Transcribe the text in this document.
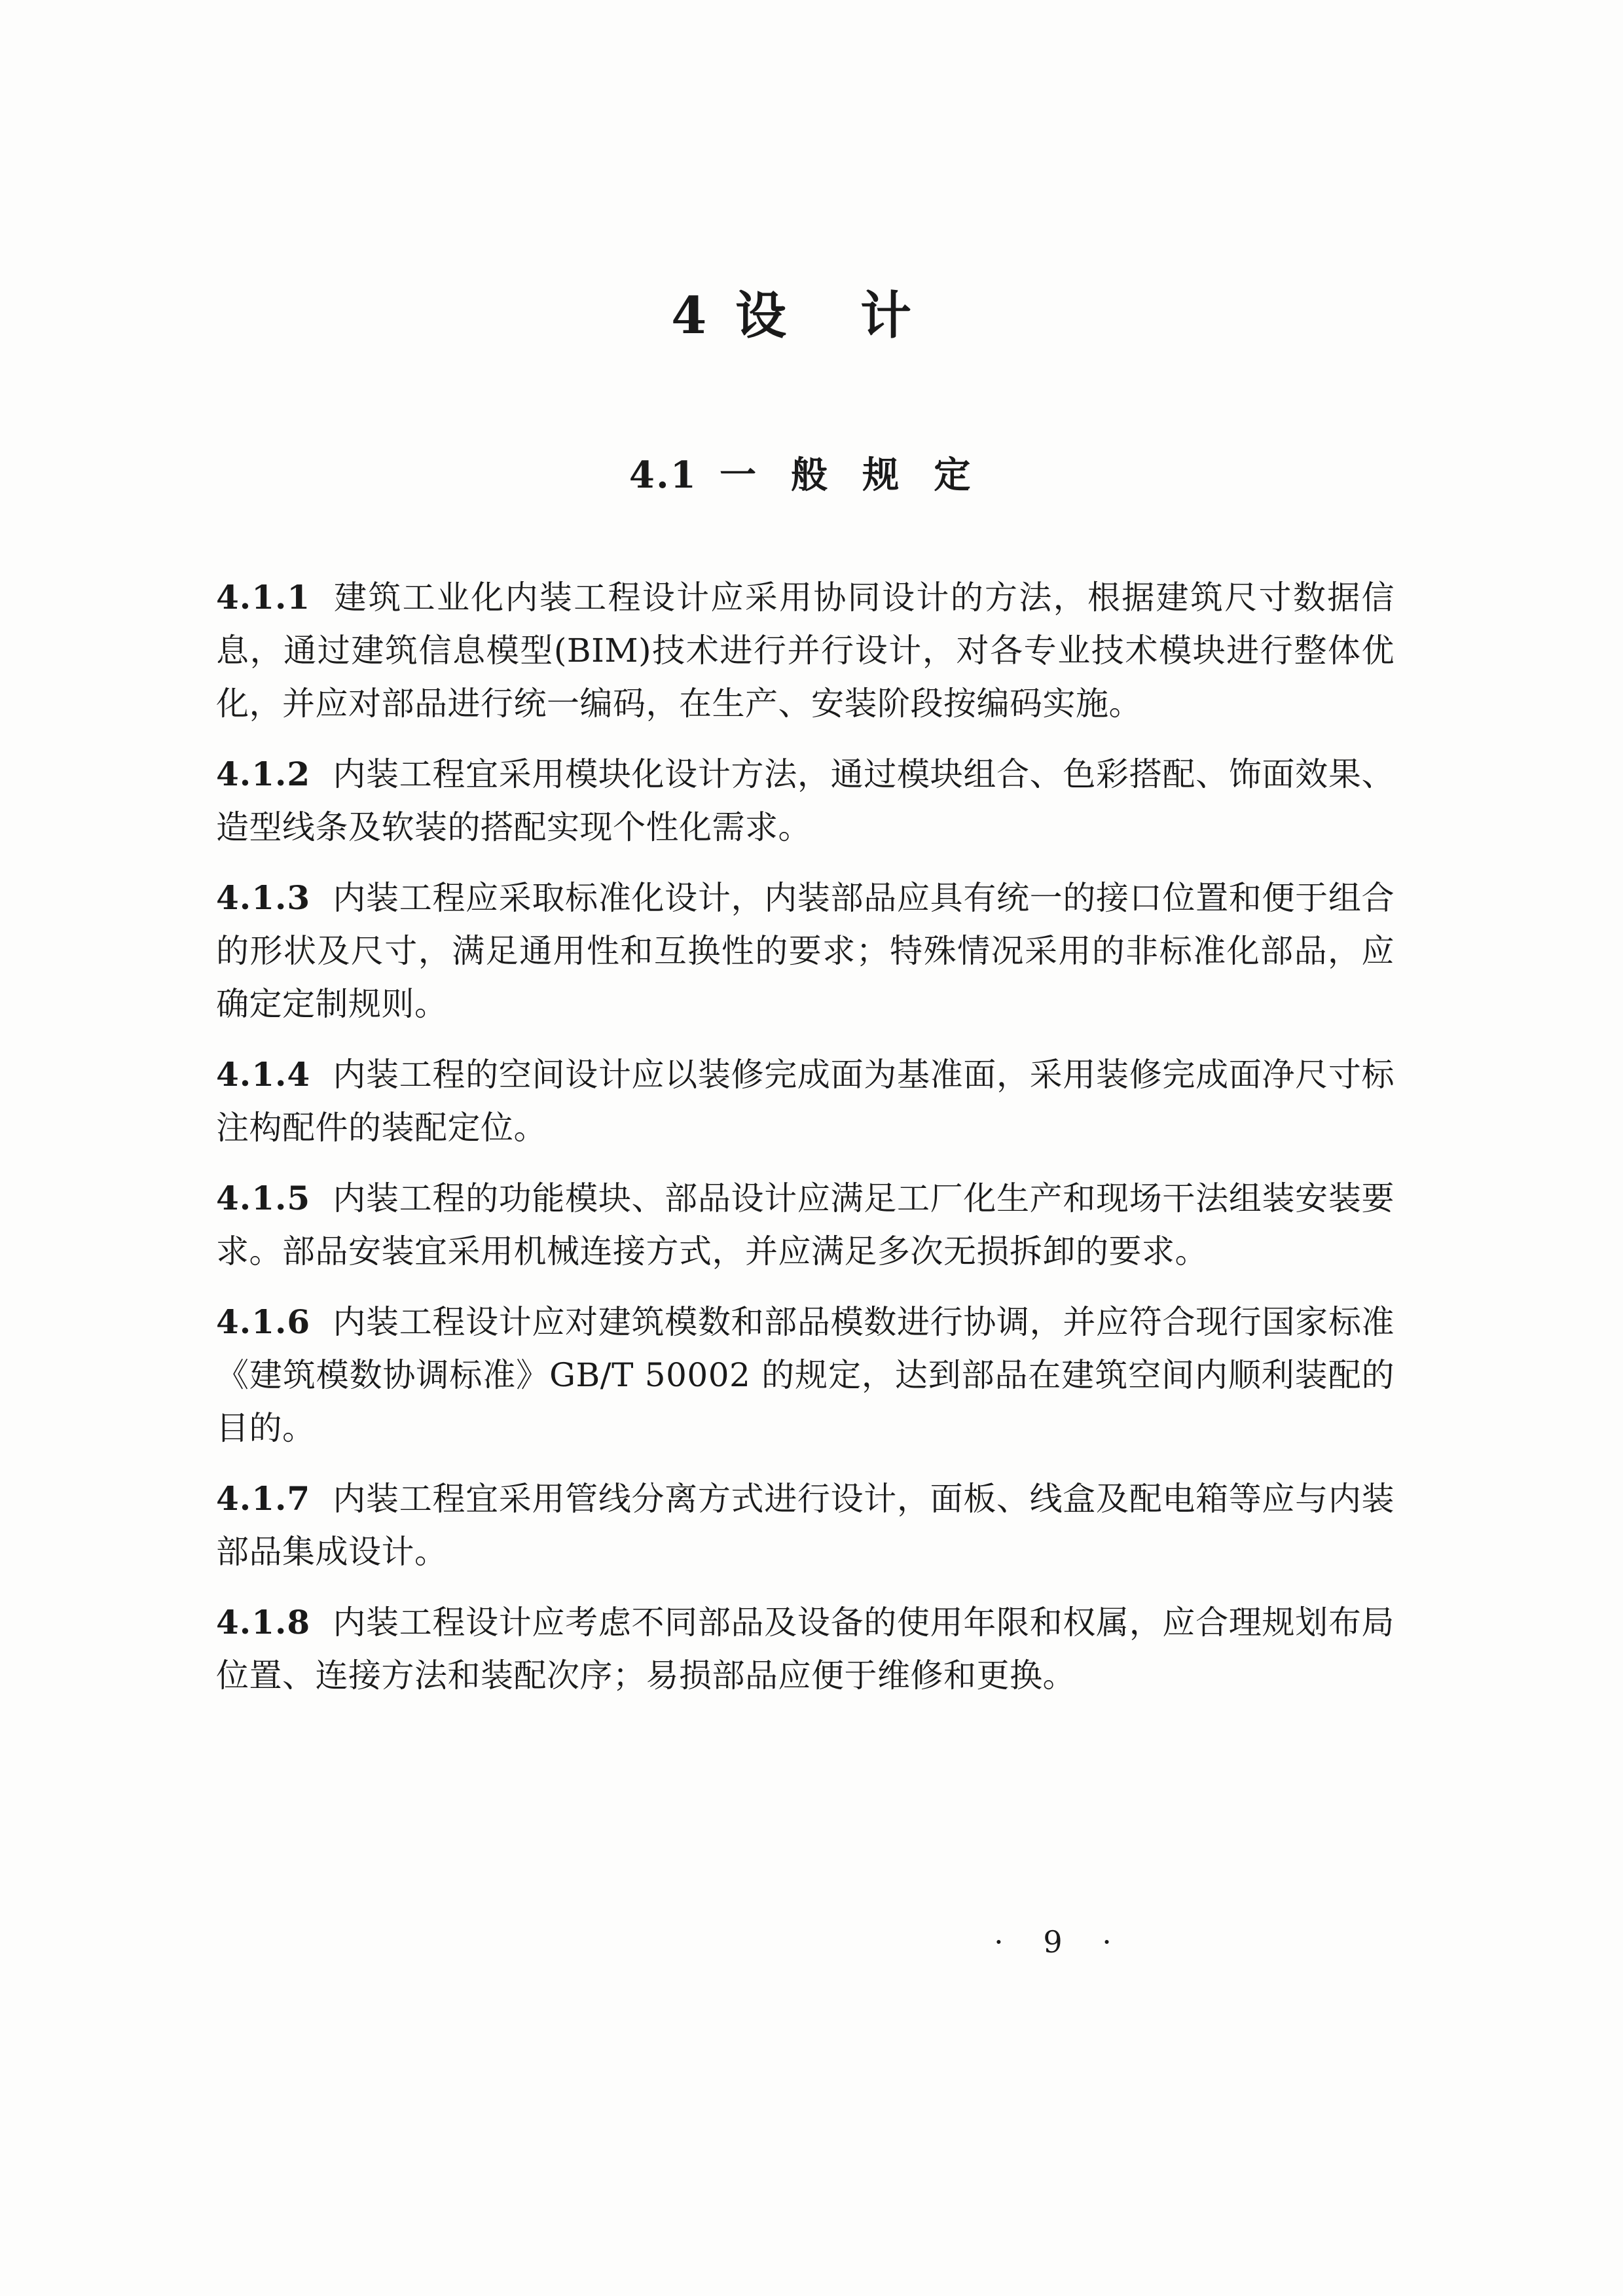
4 设 计
4.1 一 般 规 定

4.1.1 建筑工业化内装工程设计应采用协同设计的方法，根据建筑尺寸数据信息，通过建筑信息模型(BIM)技术进行并行设计，对各专业技术模块进行整体优化，并应对部品进行统一编码，在生产、安装阶段按编码实施。

4.1.2 内装工程宜采用模块化设计方法，通过模块组合、色彩搭配、饰面效果、造型线条及软装的搭配实现个性化需求。

4.1.3 内装工程应采取标准化设计，内装部品应具有统一的接口位置和便于组合的形状及尺寸，满足通用性和互换性的要求；特殊情况采用的非标准化部品，应确定定制规则。

4.1.4 内装工程的空间设计应以装修完成面为基准面，采用装修完成面净尺寸标注构配件的装配定位。

4.1.5 内装工程的功能模块、部品设计应满足工厂化生产和现场干法组装安装要求。部品安装宜采用机械连接方式，并应满足多次无损拆卸的要求。

4.1.6 内装工程设计应对建筑模数和部品模数进行协调，并应符合现行国家标准《建筑模数协调标准》GB/T 50002 的规定，达到部品在建筑空间内顺利装配的目的。

4.1.7 内装工程宜采用管线分离方式进行设计，面板、线盒及配电箱等应与内装部品集成设计。

4.1.8 内装工程设计应考虑不同部品及设备的使用年限和权属，应合理规划布局位置、连接方法和装配次序；易损部品应便于维修和更换。

· 9 ·
